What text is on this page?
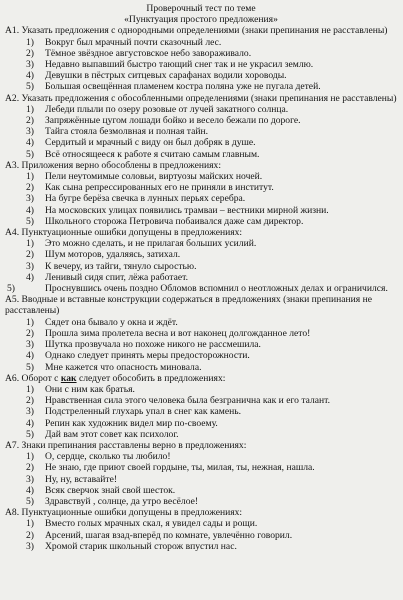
Проверочный тест по теме
«Пунктуация простого предложения»
А1. Указать предложения с однородными определениями (знаки препинания не расставлены)
1) Вокруг был мрачный почти сказочный лес.
2) Тёмное звёздное августовское небо завораживало.
3) Недавно выпавший быстро тающий снег так и не украсил землю.
4) Девушки в пёстрых ситцевых сарафанах водили хороводы.
5) Большая освещённая пламенем костра поляна уже не пугала детей.
А2. Указать предложения с обособленными определениями (знаки препинания не расставлены)
1) Лебеди плыли по озеру розовые от лучей закатного солнца.
2) Запряжённые цугом лошади бойко и весело бежали по дороге.
3) Тайга стояла безмолвная и полная тайн.
4) Сердитый и мрачный с виду он был добряк в душе.
5) Всё относящееся к работе я считаю самым главным.
А3. Приложения верно обособлены в предложениях:
1) Пели неутомимые соловьи, виртуозы майских ночей.
2) Как сына репрессированных его не приняли в институт.
3) На бугре берёза свечка в лунных перьях серебра.
4) На московских улицах появились трамваи – вестники мирной жизни.
5) Школьного сторожа Петровича побаивался даже сам директор.
А4. Пунктуационные ошибки допущены в предложениях:
1) Это можно сделать, и не прилагая больших усилий.
2) Шум моторов, удаляясь, затихал.
3) К вечеру, из тайги, тянуло сыростью.
4) Ленивый сидя спит, лёжа работает.
5)	Проснувшись очень поздно Обломов вспомнил о неотложных делах и ограничился.
А5. Вводные и вставные конструкции содержаться в предложениях (знаки препинания не расставлены)
1) Сядет она бывало у окна и ждёт.
2) Прошла зима пролетела весна и вот наконец долгожданное лето!
3) Шутка прозвучала но похоже никого не рассмешила.
4) Однако следует принять меры предосторожности.
5) Мне кажется что опасность миновала.
А6. Оборот с как следует обособить в предложениях:
1) Они с ним как братья.
2) Нравственная сила этого человека была безгранична как и его талант.
3) Подстреленный глухарь упал в снег как камень.
4) Репин как художник видел мир по-своему.
5) Дай вам этот совет как психолог.
А7. Знаки препинания расставлены верно в предложениях:
1) О, сердце, сколько ты любило!
2) Не знаю, где приют своей гордыне, ты, милая, ты, нежная, нашла.
3) Ну, ну, вставайте!
4) Всяк сверчок знай свой шесток.
5) Здравствуй , солнце, да утро весёлое!
А8. Пунктуационные ошибки допущены в предложениях:
1) Вместо голых мрачных скал, я увидел сады и рощи.
2) Арсений, шагая взад-вперёд по комнате, увлечённо говорил.
3) Хромой старик школьный сторож впустил нас.
